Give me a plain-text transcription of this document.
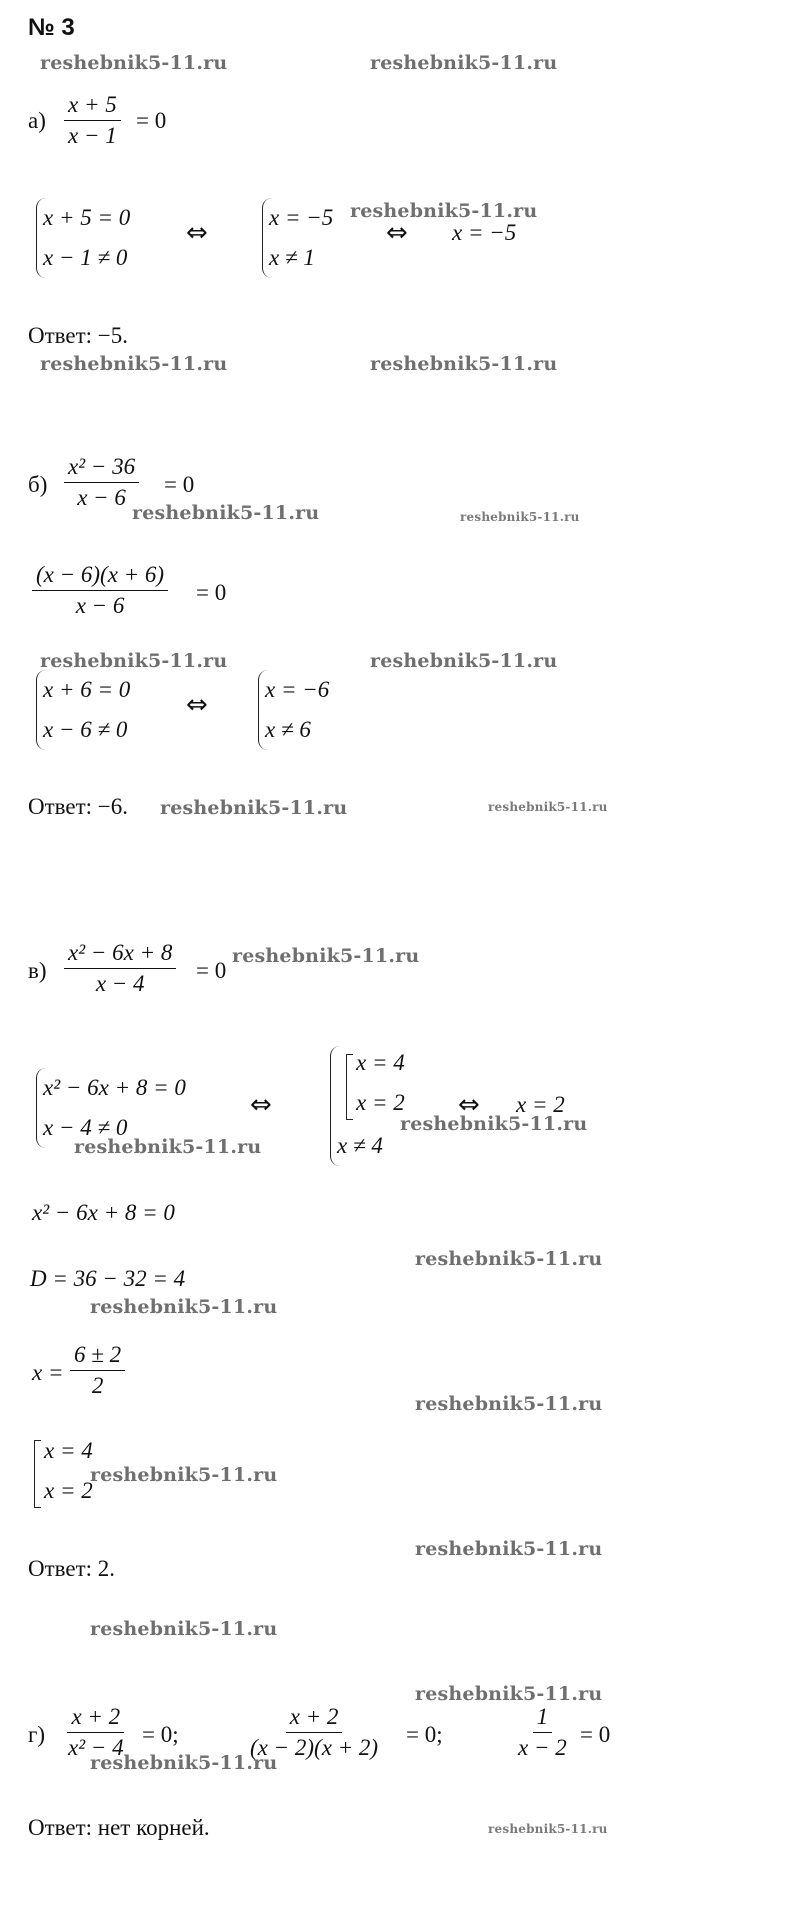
№ 3
reshebnik5-11.ru	reshebnik5-11.ru
$а) \frac{x + 5}{x - 1} = 0$
x + 5 = 0
x − 1 ≠ 0
⇔
x = −5
x ≠ 1
reshebnik5-11.ru
⇔ x = −5
Ответ: −5.
reshebnik5-11.ru	reshebnik5-11.ru
$б) \frac{\text{x² − 36}}{x - 6} = 0$
reshebnik5-11.ru	reshebnik5-11.ru
$\frac{(x - 6)(x + 6)}{x - 6} = 0$
reshebnik5-11.ru	reshebnik5-11.ru
x + 6 = 0
x − 6 ≠ 0
⇔
x = −6
x ≠ 6
Ответ: −6. reshebnik5-11.ru	reshebnik5-11.ru
$в) \frac{\text{x² − 6x + 8}}{x - 4} = 0$
reshebnik5-11.ru
x² − 6x + 8 = 0
x − 4 ≠ 0
reshebnik5-11.ru
⇔
x ≠ 4
x = 4
x = 2 ⇔ x = 2
reshebnik5-11.ru
x² − 6x + 8 = 0
reshebnik5-11.ru
D = 36 − 32 = 4
reshebnik5-11.ru
$x = \frac{6 \pm 2}{2}$
reshebnik5-11.ru
x = 4
x = 2
reshebnik5-11.ru
reshebnik5-11.ru
Ответ: 2.
reshebnik5-11.ru
reshebnik5-11.ru
$г) \frac{x + 2}{\text{x² − 4}} = 0$;	$\frac{x + 2}{(x - 2)(x + 2)} = 0$;	$\frac{1}{x - 2} = 0$
reshebnik5-11.ru
Ответ: нет корней.	reshebnik5-11.ru
